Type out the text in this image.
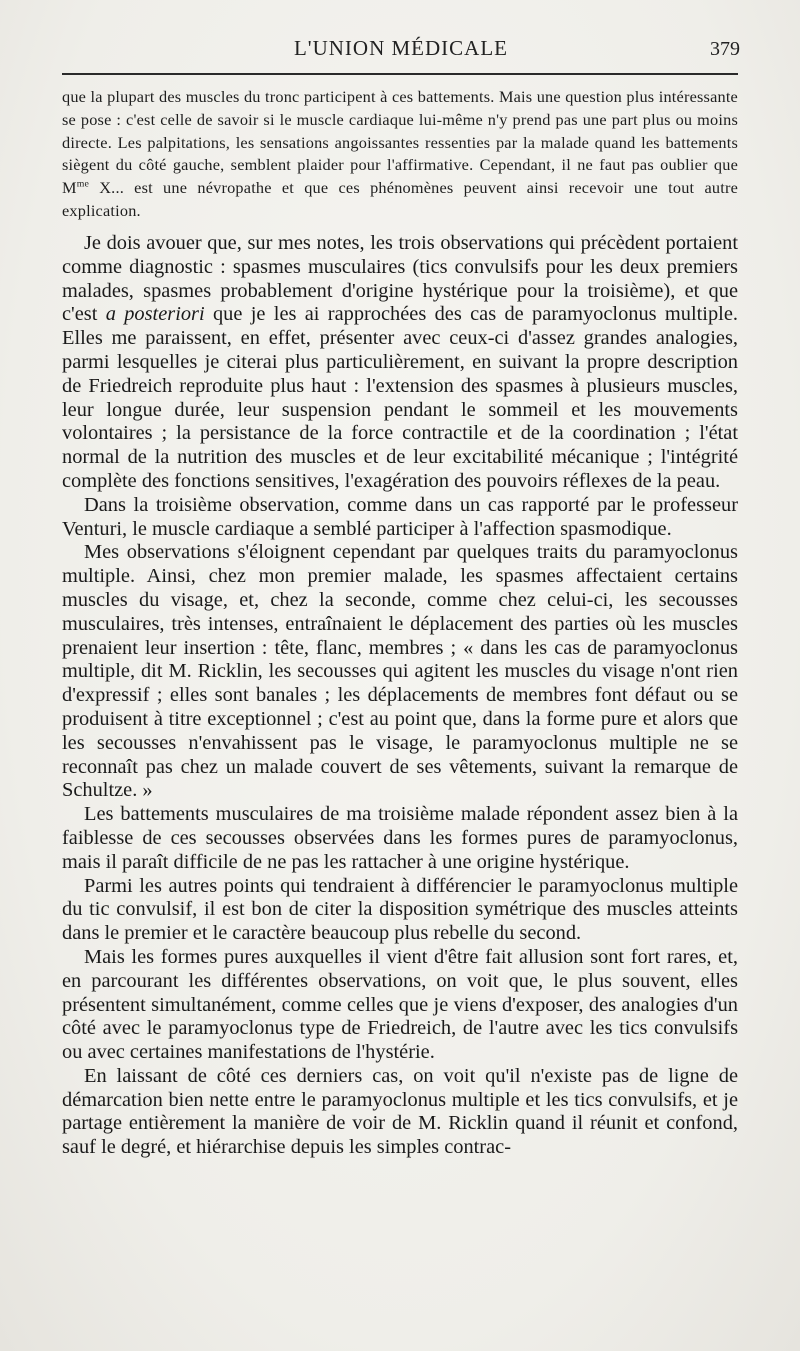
L'UNION MÉDICALE	379
que la plupart des muscles du tronc participent à ces battements. Mais une question plus intéressante se pose : c'est celle de savoir si le muscle cardiaque lui-même n'y prend pas une part plus ou moins directe. Les palpitations, les sensations angoissantes ressenties par la malade quand les battements siègent du côté gauche, semblent plaider pour l'affirmative. Cependant, il ne faut pas oublier que $M^{me}$ X... est une névropathe et que ces phénomènes peuvent ainsi recevoir une tout autre explication.

Je dois avouer que, sur mes notes, les trois observations qui précèdent portaient comme diagnostic : spasmes musculaires (tics convulsifs pour les deux premiers malades, spasmes probablement d'origine hystérique pour la troisième), et que c'est a posteriori que je les ai rapprochées des cas de paramyoclonus multiple. Elles me paraissent, en effet, présenter avec ceux-ci d'assez grandes analogies, parmi lesquelles je citerai plus particulièrement, en suivant la propre description de Friedreich reproduite plus haut : l'extension des spasmes à plusieurs muscles, leur longue durée, leur suspension pendant le sommeil et les mouvements volontaires ; la persistance de la force contractile et de la coordination ; l'état normal de la nutrition des muscles et de leur excitabilité mécanique ; l'intégrité complète des fonctions sensitives, l'exagération des pouvoirs réflexes de la peau.

Dans la troisième observation, comme dans un cas rapporté par le professeur Venturi, le muscle cardiaque a semblé participer à l'affection spasmodique.

Mes observations s'éloignent cependant par quelques traits du paramyoclonus multiple. Ainsi, chez mon premier malade, les spasmes affectaient certains muscles du visage, et, chez la seconde, comme chez celui-ci, les secousses musculaires, très intenses, entraînaient le déplacement des parties où les muscles prenaient leur insertion : tête, flanc, membres ; « dans les cas de paramyoclonus multiple, dit M. Ricklin, les secousses qui agitent les muscles du visage n'ont rien d'expressif ; elles sont banales ; les déplacements de membres font défaut ou se produisent à titre exceptionnel ; c'est au point que, dans la forme pure et alors que les secousses n'envahissent pas le visage, le paramyoclonus multiple ne se reconnaît pas chez un malade couvert de ses vêtements, suivant la remarque de Schultze. »

Les battements musculaires de ma troisième malade répondent assez bien à la faiblesse de ces secousses observées dans les formes pures de paramyoclonus, mais il paraît difficile de ne pas les rattacher à une origine hystérique.

Parmi les autres points qui tendraient à différencier le paramyoclonus multiple du tic convulsif, il est bon de citer la disposition symétrique des muscles atteints dans le premier et le caractère beaucoup plus rebelle du second.

Mais les formes pures auxquelles il vient d'être fait allusion sont fort rares, et, en parcourant les différentes observations, on voit que, le plus souvent, elles présentent simultanément, comme celles que je viens d'exposer, des analogies d'un côté avec le paramyoclonus type de Friedreich, de l'autre avec les tics convulsifs ou avec certaines manifestations de l'hystérie.

En laissant de côté ces derniers cas, on voit qu'il n'existe pas de ligne de démarcation bien nette entre le paramyoclonus multiple et les tics convulsifs, et je partage entièrement la manière de voir de M. Ricklin quand il réunit et confond, sauf le degré, et hiérarchise depuis les simples contrac-
